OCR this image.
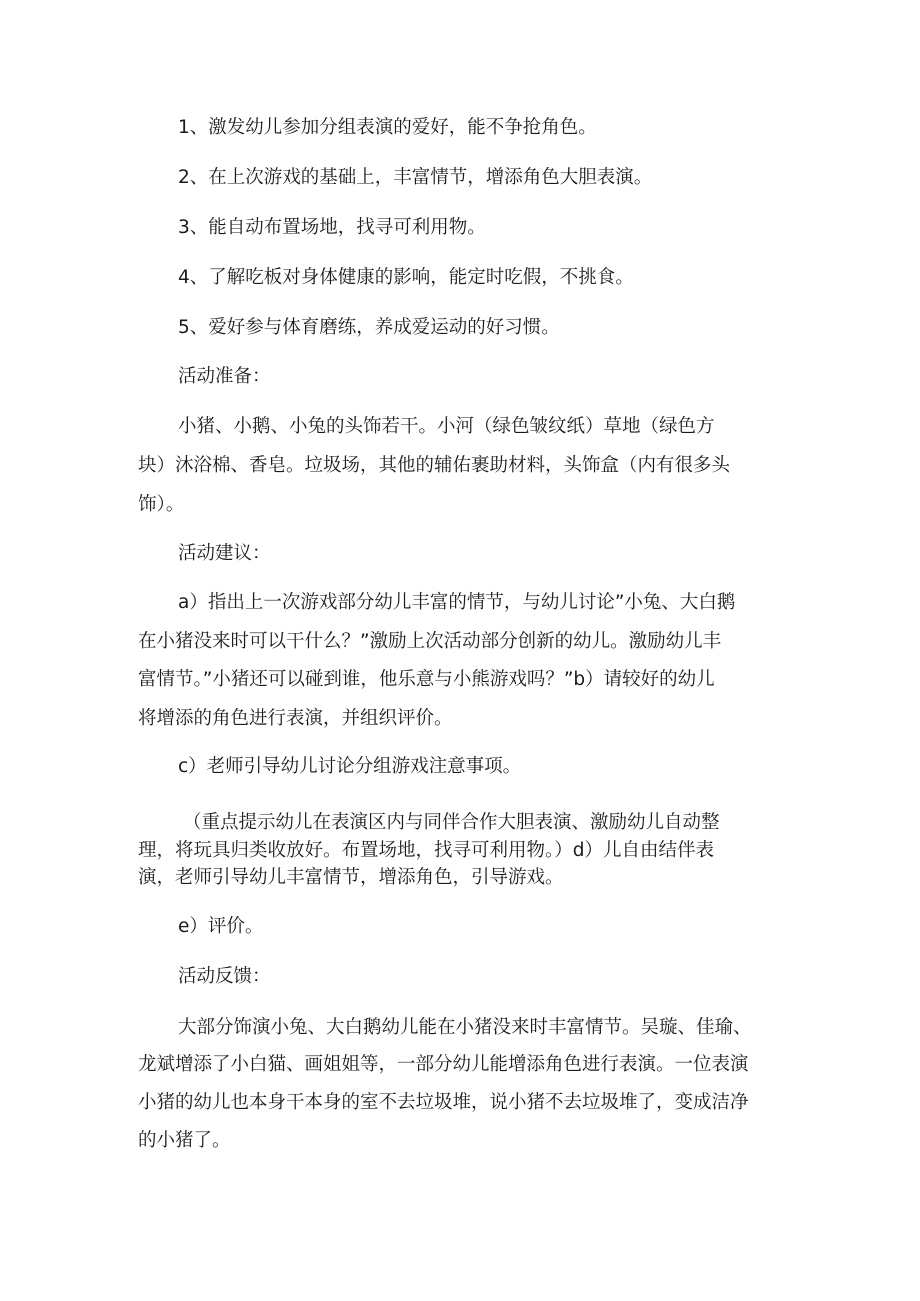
1、激发幼儿参加分组表演的爱好，能不争抢角色。

2、在上次游戏的基础上，丰富情节，增添角色大胆表演。

3、能自动布置场地，找寻可利用物。

4、了解吃板对身体健康的影响，能定时吃假，不挑食。

5、爱好参与体育磨练，养成爱运动的好习惯。

活动准备：

小猪、小鹅、小兔的头饰若干。小河（绿色皱纹纸）草地（绿色方

块）沐浴棉、香皂。垃圾场，其他的辅佑裹助材料，头饰盒（内有很多头

饰）。

活动建议：

a）指出上一次游戏部分幼儿丰富的情节，与幼儿讨论”小兔、大白鹅

在小猪没来时可以干什么？”激励上次活动部分创新的幼儿。激励幼儿丰

富情节。”小猪还可以碰到谁，他乐意与小熊游戏吗？”b）请较好的幼儿

将增添的角色进行表演，并组织评价。

c）老师引导幼儿讨论分组游戏注意事项。

（重点提示幼儿在表演区内与同伴合作大胆表演、激励幼儿自动整

理，将玩具归类收放好。布置场地，找寻可利用物。）d）儿自由结伴表

演，老师引导幼儿丰富情节，增添角色，引导游戏。

e）评价。

活动反馈：

大部分饰演小兔、大白鹅幼儿能在小猪没来时丰富情节。吴璇、佳瑜、

龙斌增添了小白猫、画姐姐等，一部分幼儿能增添角色进行表演。一位表演

小猪的幼儿也本身干本身的室不去垃圾堆，说小猪不去垃圾堆了，变成洁净

的小猪了。
